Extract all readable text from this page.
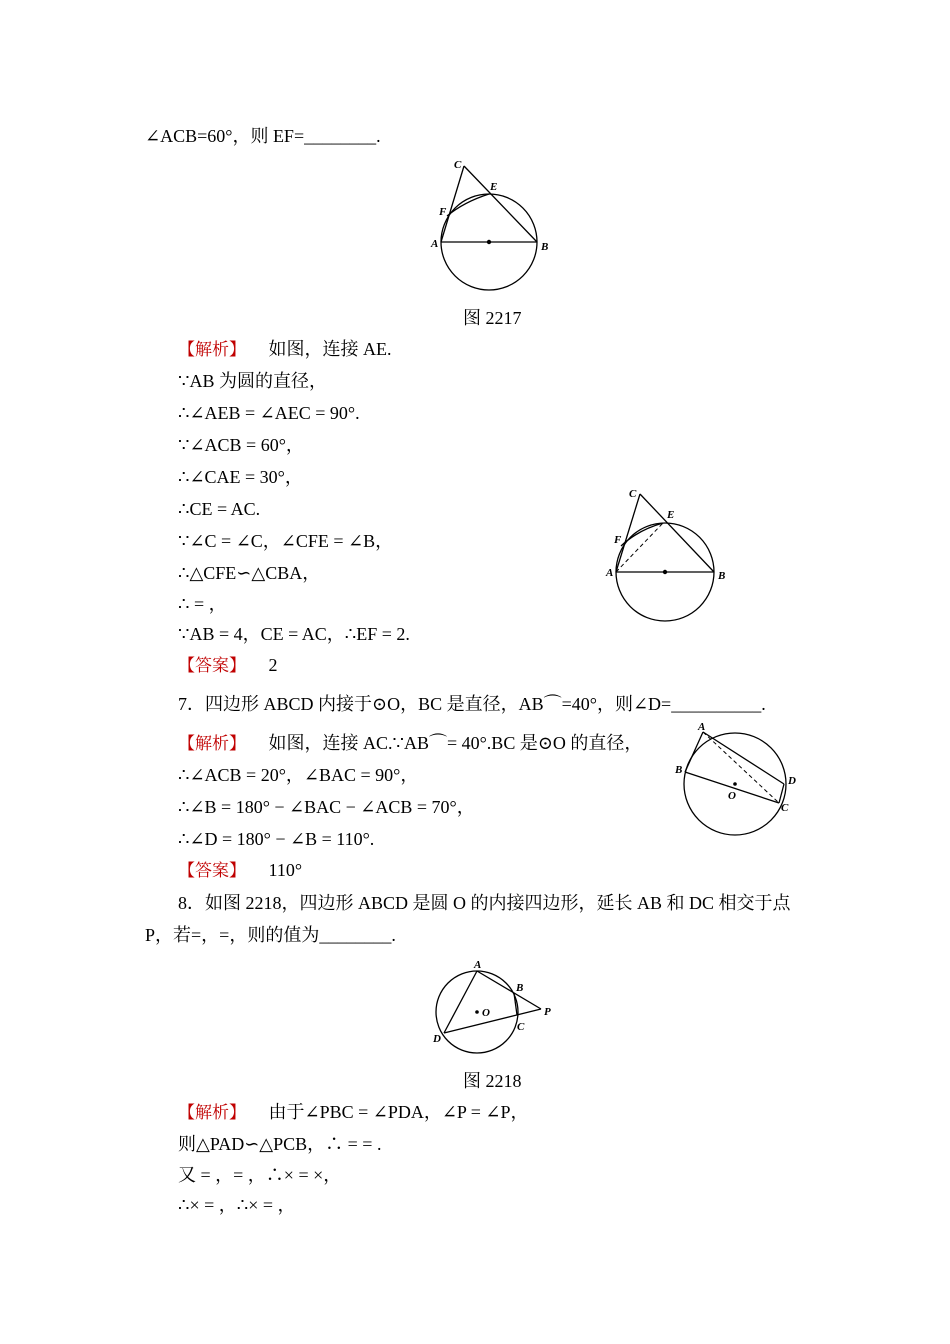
∠ACB=60°，则 EF=________.
C
E
F
A	B
图 2217
【解析】 如图，连接 AE.
∵AB 为圆的直径，
∴∠AEB = ∠AEC = 90°.
∵∠ACB = 60°，
∴∠CAE = 30°，
∴CE = AC.
∵∠C = ∠C，∠CFE = ∠B，
∴△CFE∽△CBA，
∴ = ，
∵AB = 4，CE = AC，∴EF = 2.
C
E
F
A	B
【答案】 2
7．四边形 ABCD 内接于⊙O，BC 是直径，AB⌒=40°，则∠D=__________.
【解析】 如图，连接 AC.∵AB⌒= 40°.BC 是⊙O 的直径，
∴∠ACB = 20°，∠BAC = 90°，
∴∠B = 180° − ∠BAC − ∠ACB = 70°，
∴∠D = 180° − ∠B = 110°.
A
B
D
C
O
【答案】 110°
8．如图 2218，四边形 ABCD 是圆 O 的内接四边形，延长 AB 和 DC 相交于点
P，若=，=，则的值为________.
A
B
P
C
D
O
图 2218
【解析】 由于∠PBC = ∠PDA，∠P = ∠P，
则△PAD∽△PCB，∴ = = .
又 = ，= ，∴× = ×，
∴× = ，∴× = ，
